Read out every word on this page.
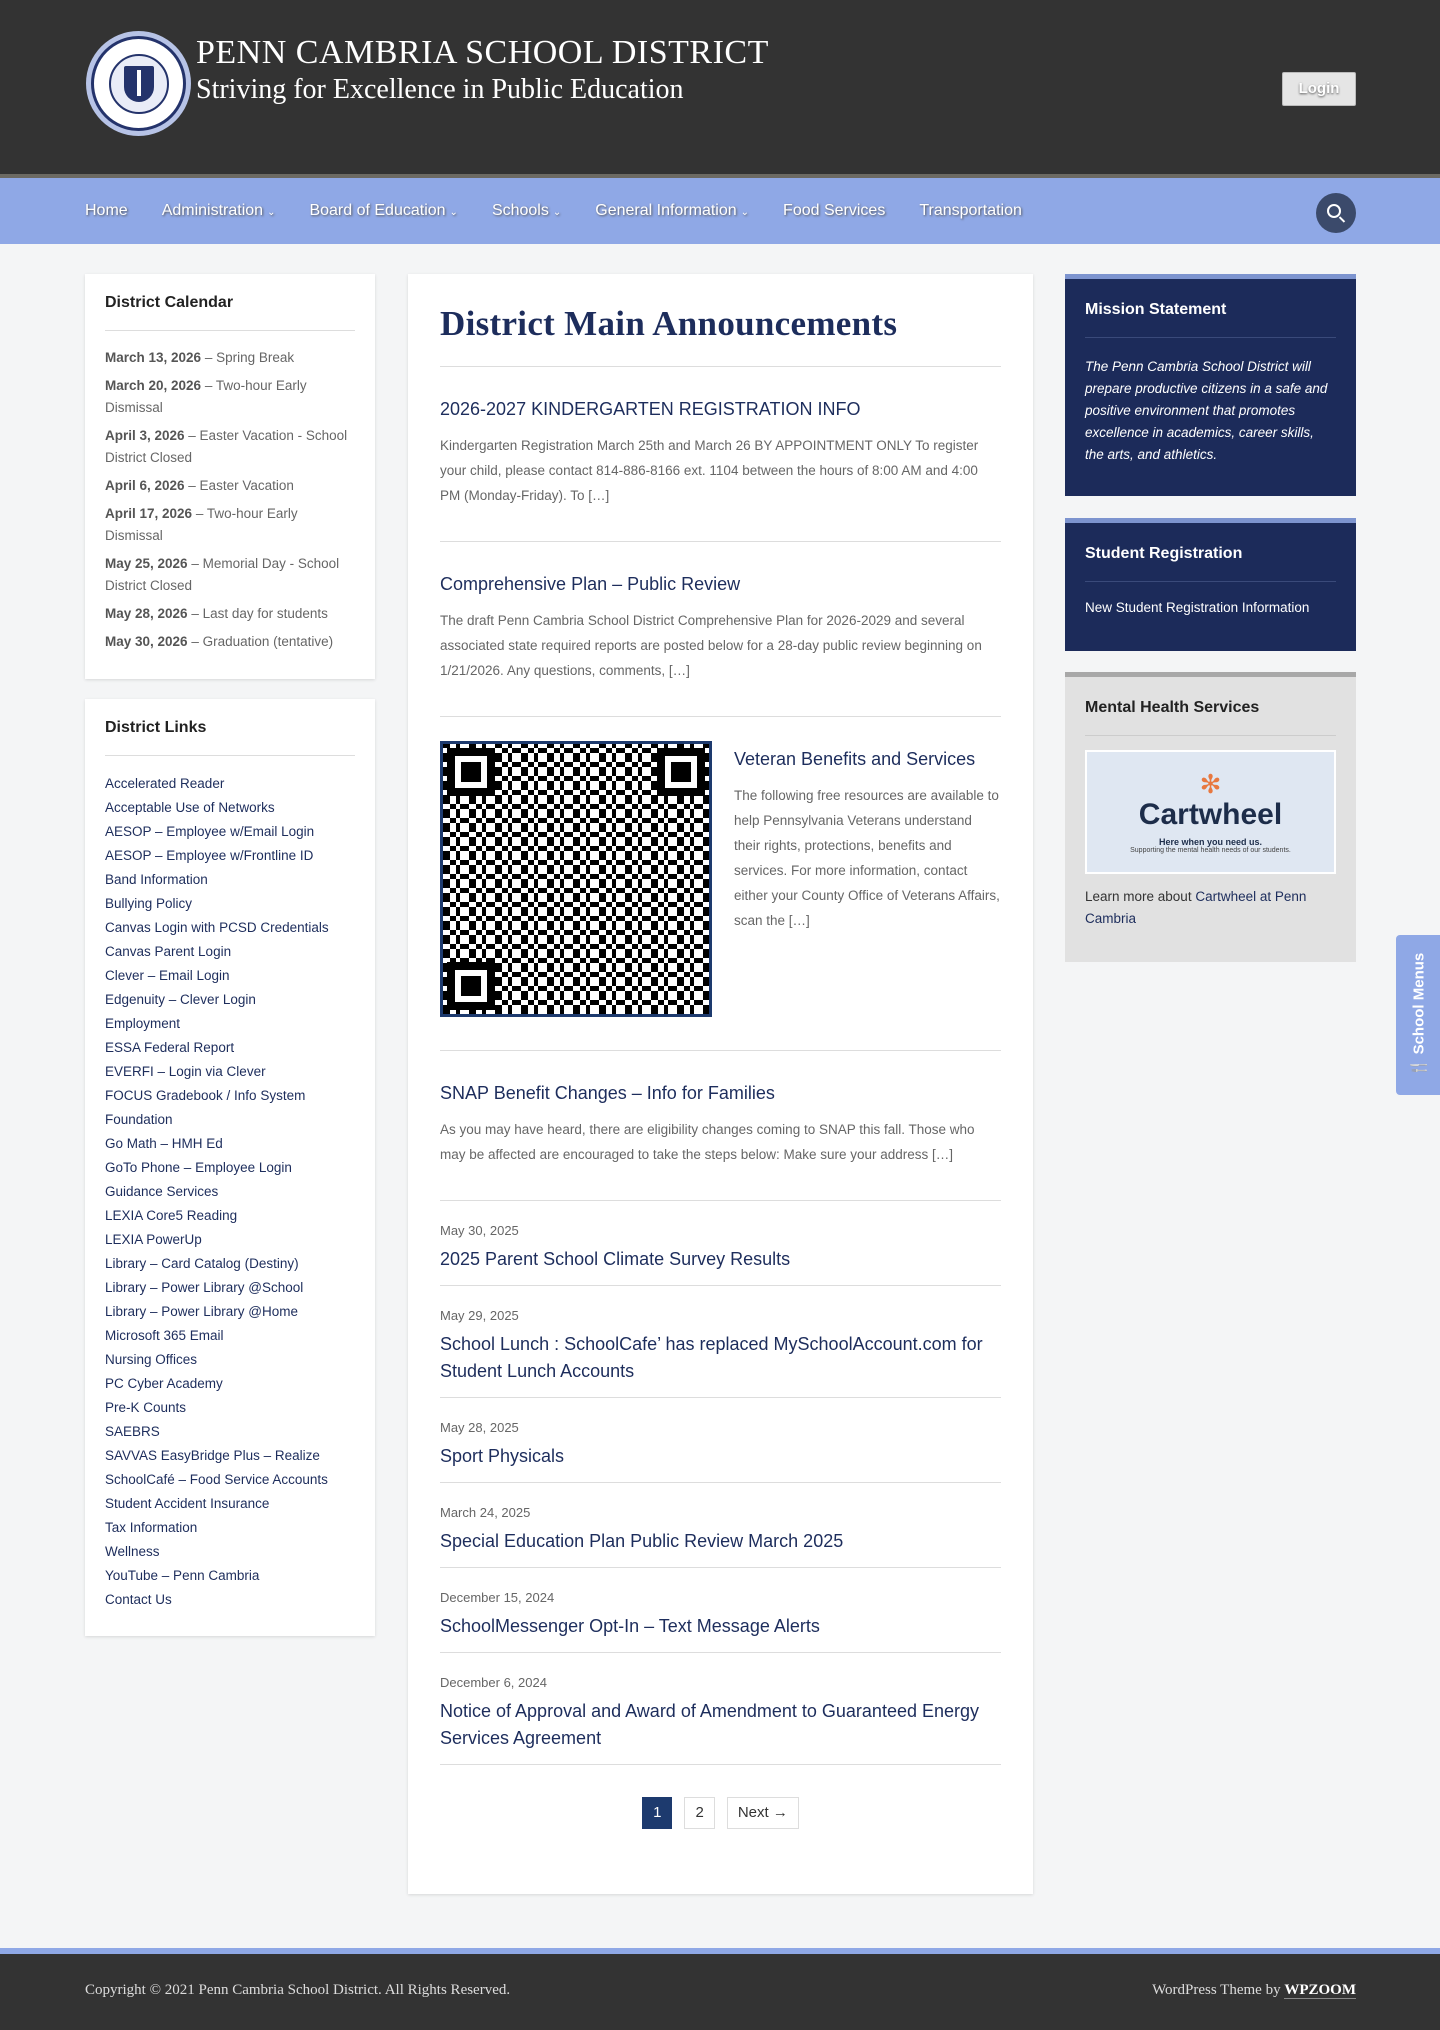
PENN CAMBRIA SCHOOL DISTRICT
Striving for Excellence in Public Education	Login
Home Administration ⌄ Board of Education ⌄ Schools ⌄ General Information ⌄ Food Services Transportation
District Calendar
March 13, 2026 – Spring Break
March 20, 2026 – Two-hour Early Dismissal
April 3, 2026 – Easter Vacation - School District Closed
April 6, 2026 – Easter Vacation
April 17, 2026 – Two-hour Early Dismissal
May 25, 2026 – Memorial Day - School District Closed
May 28, 2026 – Last day for students
May 30, 2026 – Graduation (tentative)
District Links
Accelerated Reader
Acceptable Use of Networks
AESOP – Employee w/Email Login
AESOP – Employee w/Frontline ID
Band Information
Bullying Policy
Canvas Login with PCSD Credentials
Canvas Parent Login
Clever – Email Login
Edgenuity – Clever Login
Employment
ESSA Federal Report
EVERFI – Login via Clever
FOCUS Gradebook / Info System
Foundation
Go Math – HMH Ed
GoTo Phone – Employee Login
Guidance Services
LEXIA Core5 Reading
LEXIA PowerUp
Library – Card Catalog (Destiny)
Library – Power Library @School
Library – Power Library @Home
Microsoft 365 Email
Nursing Offices
PC Cyber Academy
Pre-K Counts
SAEBRS
SAVVAS EasyBridge Plus – Realize
SchoolCafé – Food Service Accounts
Student Accident Insurance
Tax Information
Wellness
YouTube – Penn Cambria
Contact Us
District Main Announcements
2026-2027 KINDERGARTEN REGISTRATION INFO
Kindergarten Registration March 25th and March 26 BY APPOINTMENT ONLY To register your child, please contact 814-886-8166 ext. 1104 between the hours of 8:00 AM and 4:00 PM (Monday-Friday). To […]
Comprehensive Plan – Public Review
The draft Penn Cambria School District Comprehensive Plan for 2026-2029 and several associated state required reports are posted below for a 28-day public review beginning on 1/21/2026. Any questions, comments, […]
Veteran Benefits and Services
The following free resources are available to help Pennsylvania Veterans understand their rights, protections, benefits and services. For more information, contact either your County Office of Veterans Affairs, scan the […]
SNAP Benefit Changes – Info for Families
As you may have heard, there are eligibility changes coming to SNAP this fall. Those who may be affected are encouraged to take the steps below: Make sure your address […]
May 30, 2025
2025 Parent School Climate Survey Results
May 29, 2025
School Lunch : SchoolCafe’ has replaced MySchoolAccount.com for Student Lunch Accounts
May 28, 2025
Sport Physicals
March 24, 2025
Special Education Plan Public Review March 2025
December 15, 2024
SchoolMessenger Opt-In – Text Message Alerts
December 6, 2024
Notice of Approval and Award of Amendment to Guaranteed Energy Services Agreement
1	2	Next →
Mission Statement
The Penn Cambria School District will prepare productive citizens in a safe and positive environment that promotes excellence in academics, career skills, the arts, and athletics.
Student Registration
New Student Registration Information
Mental Health Services
✻
Cartwheel
Here when you need us.
Supporting the mental health needs of our students.
Learn more about Cartwheel at Penn Cambria
🍴 School Menus
Copyright © 2021 Penn Cambria School District. All Rights Reserved.	WordPress Theme by WPZOOM
